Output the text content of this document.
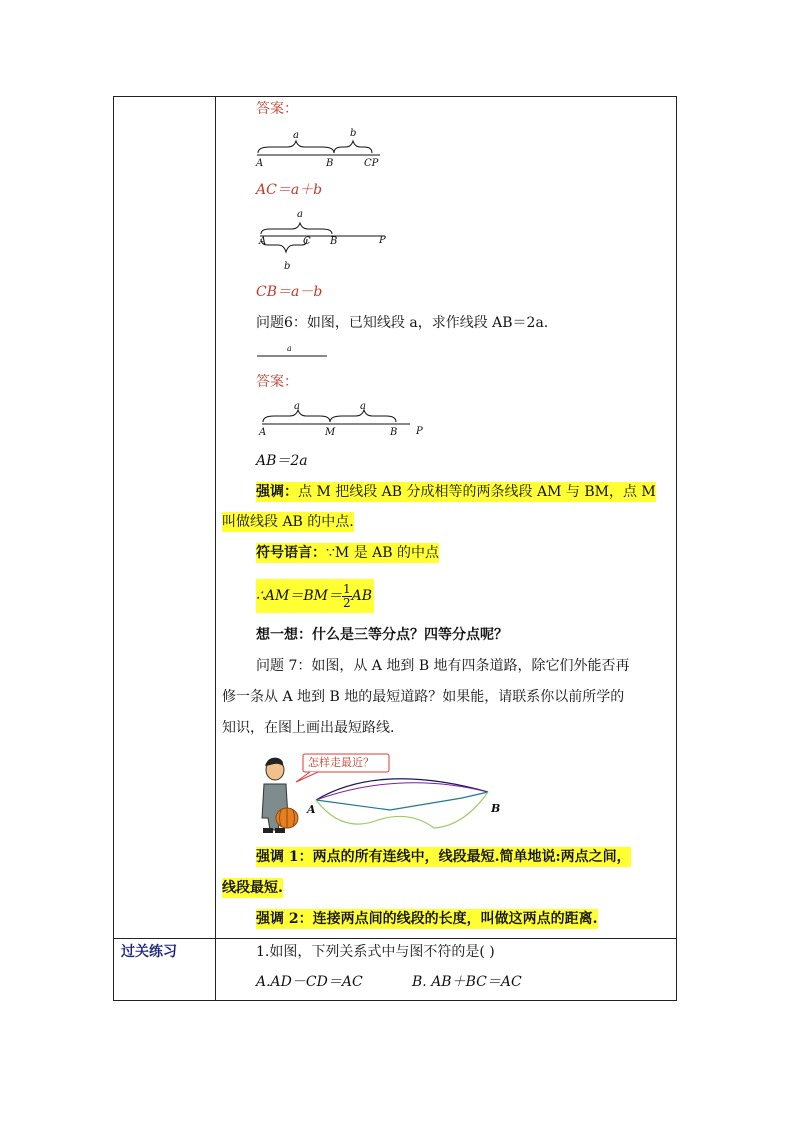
答案：
a	b
A	B	CP
AC＝a＋b
a
b
A	C B	P
CB＝a－b
问题6：如图，已知线段 a，求作线段 AB＝2a.
a
答案：
a	a
A	M	B P
AB＝2a
强调：点 M 把线段 AB 分成相等的两条线段 AM 与 BM，点 M
叫做线段 AB 的中点.
符号语言：∵M 是 AB 的中点
∴AM＝BM＝ $\frac{1}{2}$ AB
想一想：什么是三等分点？四等分点呢？
问题 7：如图，从 A 地到 B 地有四条道路，除它们外能否再
修一条从 A 地到 B 地的最短道路？如果能，请联系你以前所学的
知识，在图上画出最短路线.
怎样走最近？
A	B
强调 1：两点的所有连线中，线段最短.简单地说:两点之间，
线段最短.
强调 2：连接两点间的线段的长度，叫做这两点的距离.
过关练习	1.如图，下列关系式中与图不符的是( )
A.AD－CD＝AC	B. AB＋BC＝AC
